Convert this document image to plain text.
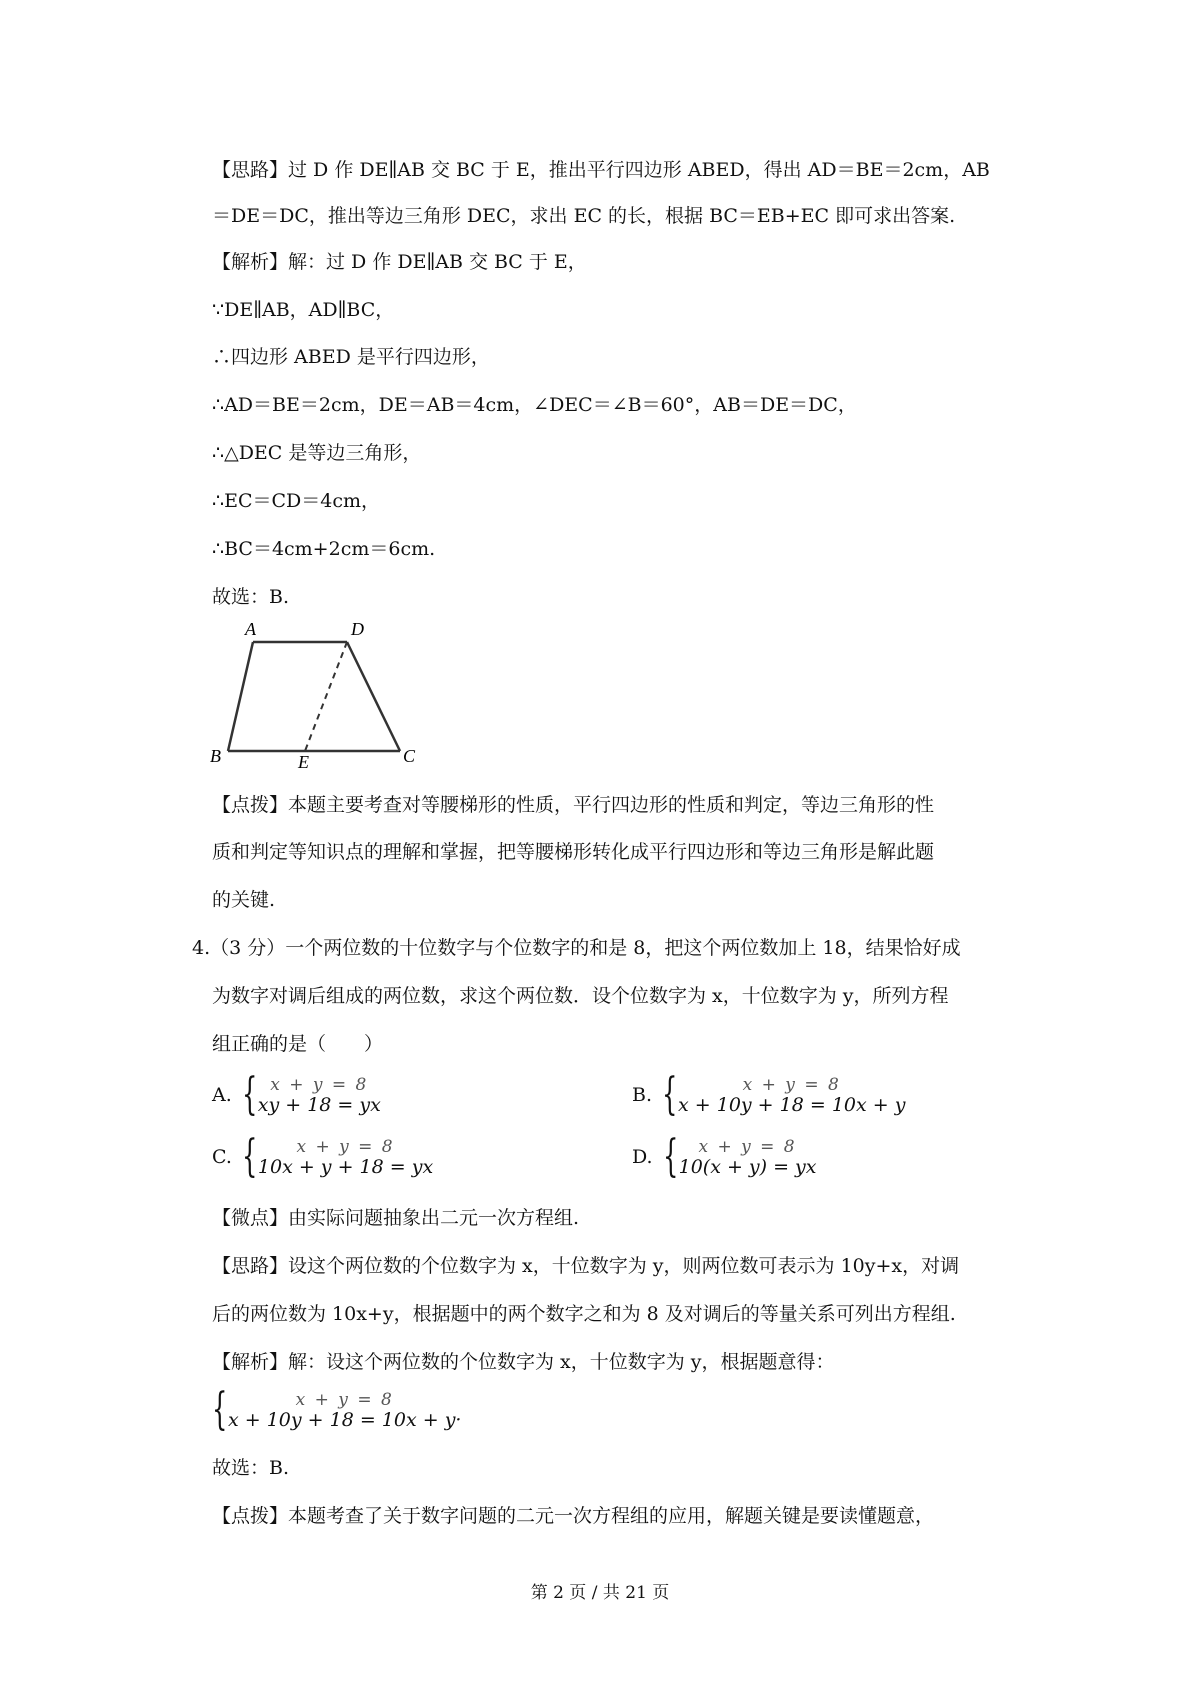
【思路】过 D 作 DE∥AB 交 BC 于 E，推出平行四边形 ABED，得出 AD＝BE＝2cm，AB
＝DE＝DC，推出等边三角形 DEC，求出 EC 的长，根据 BC＝EB+EC 即可求出答案.
【解析】解：过 D 作 DE∥AB 交 BC 于 E，
∵DE∥AB，AD∥BC，
∴四边形 ABED 是平行四边形，
∴AD＝BE＝2cm，DE＝AB＝4cm，∠DEC＝∠B＝60°，AB＝DE＝DC，
∴△DEC 是等边三角形，
∴EC＝CD＝4cm，
∴BC＝4cm+2cm＝6cm.
故选：B.
A	D
B	E	C
【点拨】本题主要考查对等腰梯形的性质，平行四边形的性质和判定，等边三角形的性
质和判定等知识点的理解和掌握，把等腰梯形转化成平行四边形和等边三角形是解此题
的关键.
4.（3 分）一个两位数的十位数字与个位数字的和是 8，把这个两位数加上 18，结果恰好成
为数字对调后组成的两位数，求这个两位数．设个位数字为 x，十位数字为 y，所列方程
组正确的是（　　）
A. { x + y = 8
xy + 18 = yx	B. {	x + y = 8
x + 10y + 18 = 10x + y
C. {	x + y = 8
10x + y + 18 = yx	D. {	x + y = 8
10(x + y) = yx
【微点】由实际问题抽象出二元一次方程组.
【思路】设这个两位数的个位数字为 x，十位数字为 y，则两位数可表示为 10y+x，对调
后的两位数为 10x+y，根据题中的两个数字之和为 8 及对调后的等量关系可列出方程组.
【解析】解：设这个两位数的个位数字为 x，十位数字为 y，根据题意得：
{	x + y = 8
x + 10y + 18 = 10x + y·
故选：B.
【点拨】本题考查了关于数字问题的二元一次方程组的应用，解题关键是要读懂题意，
第 2 页 / 共 21 页
